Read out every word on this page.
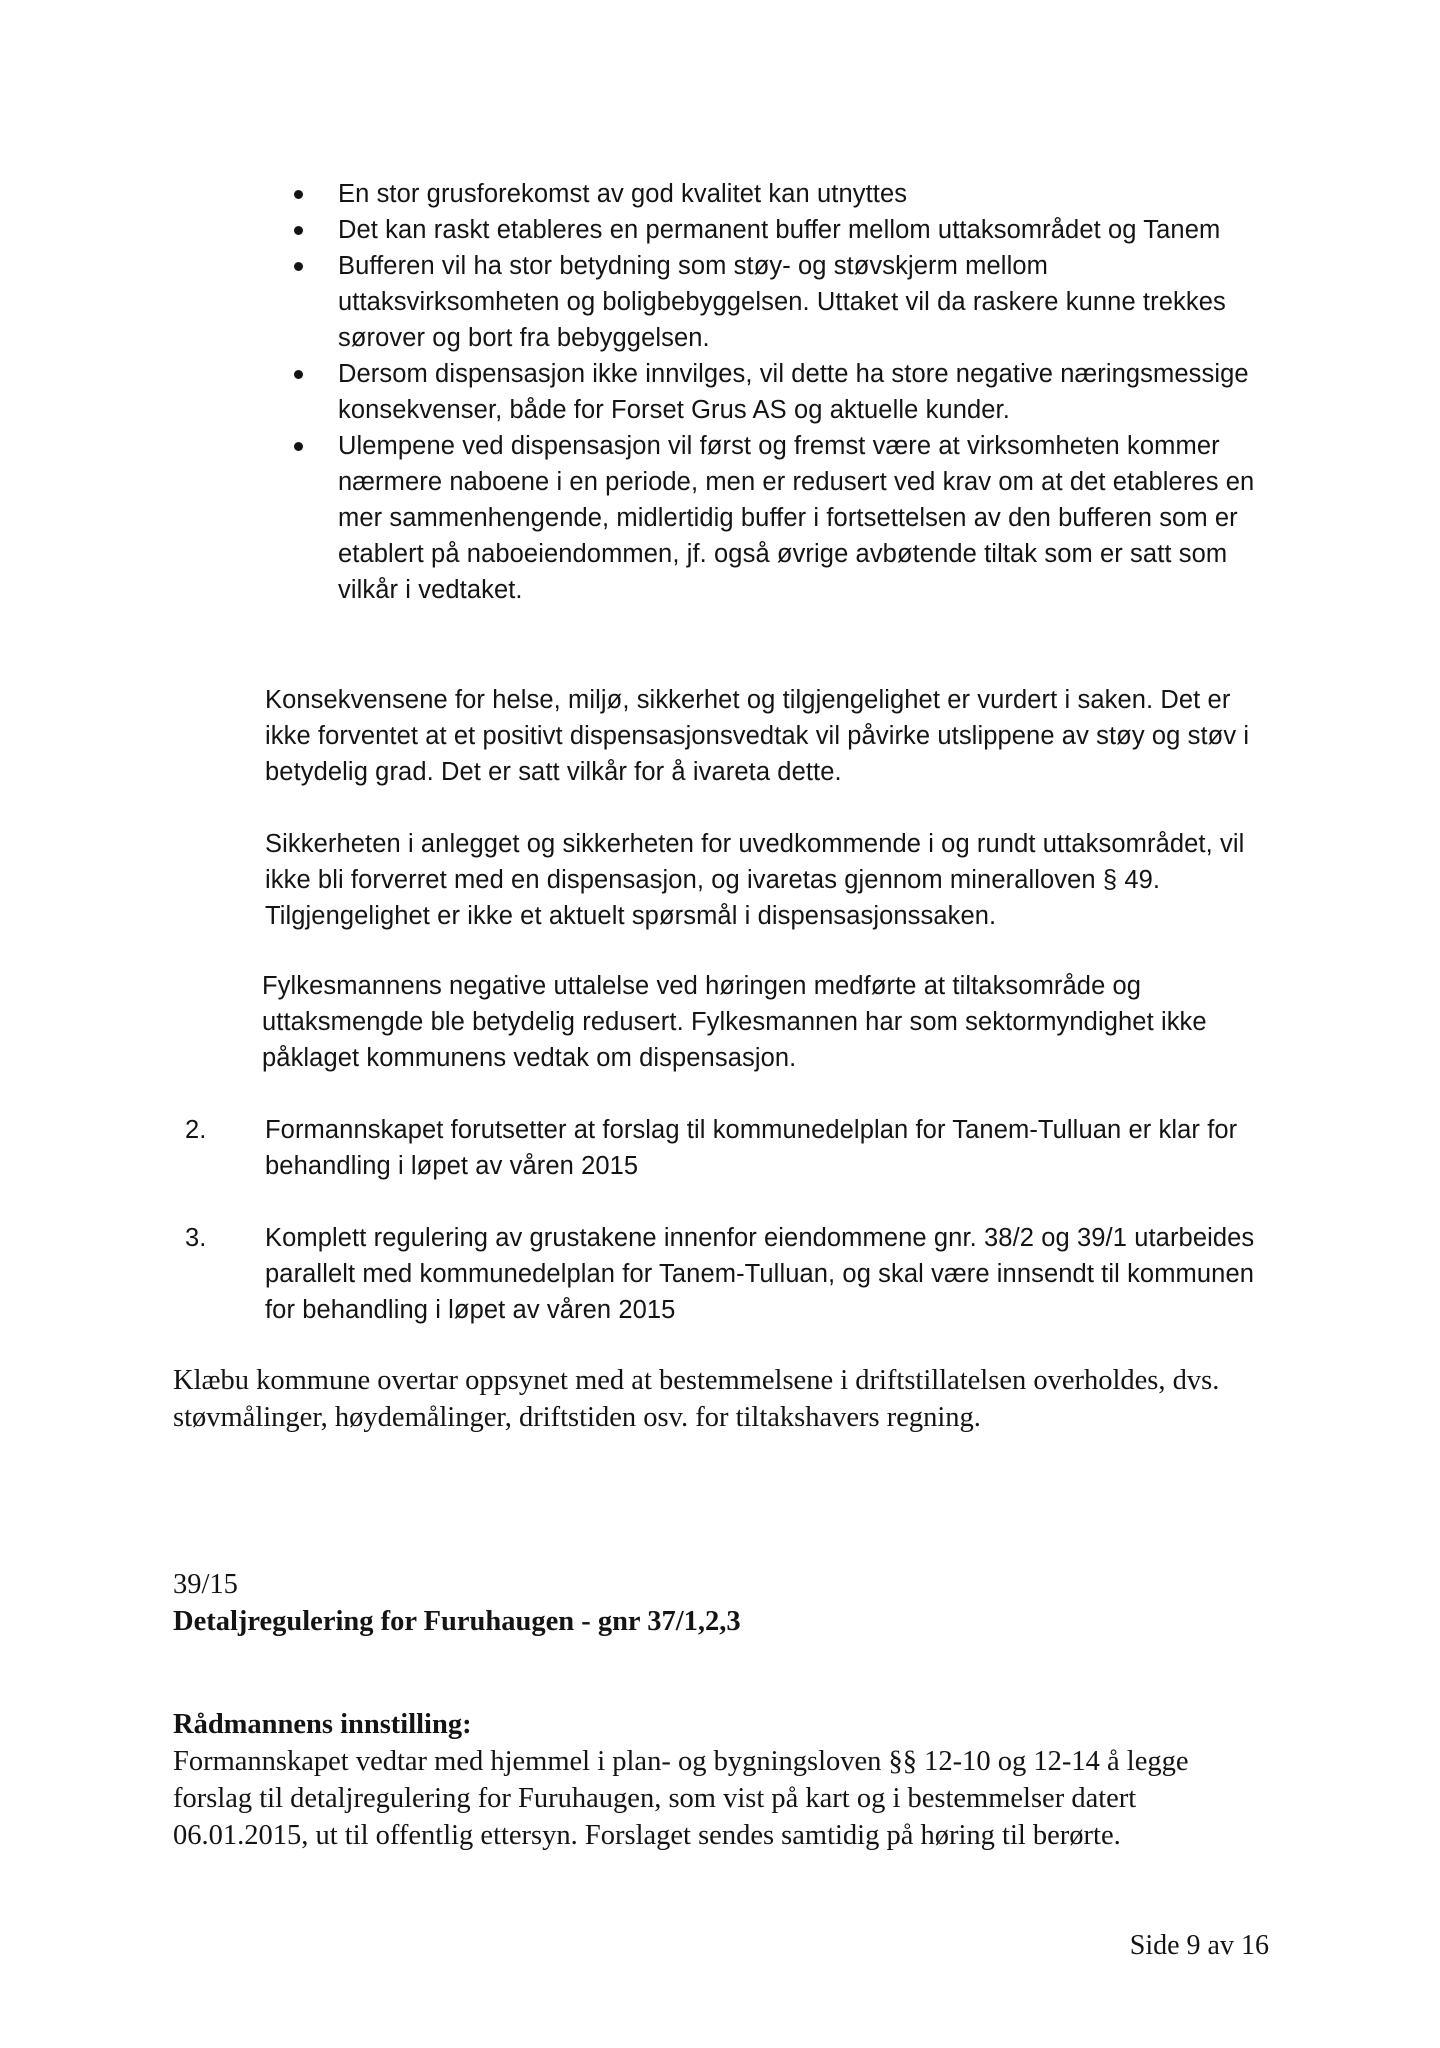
En stor grusforekomst av god kvalitet kan utnyttes
Det kan raskt etableres en permanent buffer mellom uttaksområdet og Tanem
Bufferen vil ha stor betydning som støy- og støvskjerm mellom uttaksvirksomheten og boligbebyggelsen. Uttaket vil da raskere kunne trekkes sørover og bort fra bebyggelsen.
Dersom dispensasjon ikke innvilges, vil dette ha store negative næringsmessige konsekvenser, både for Forset Grus AS og aktuelle kunder.
Ulempene ved dispensasjon vil først og fremst være at virksomheten kommer nærmere naboene i en periode, men er redusert ved krav om at det etableres en mer sammenhengende, midlertidig buffer i fortsettelsen av den bufferen som er etablert på naboeiendommen, jf. også øvrige avbøtende tiltak som er satt som vilkår i vedtaket.

Konsekvensene for helse, miljø, sikkerhet og tilgjengelighet er vurdert i saken. Det er ikke forventet at et positivt dispensasjonsvedtak vil påvirke utslippene av støy og støv i betydelig grad. Det er satt vilkår for å ivareta dette.

Sikkerheten i anlegget og sikkerheten for uvedkommende i og rundt uttaksområdet, vil ikke bli forverret med en dispensasjon, og ivaretas gjennom mineralloven § 49. Tilgjengelighet er ikke et aktuelt spørsmål i dispensasjonssaken.

Fylkesmannens negative uttalelse ved høringen medførte at tiltaksområde og uttaksmengde ble betydelig redusert. Fylkesmannen har som sektormyndighet ikke påklaget kommunens vedtak om dispensasjon.

2. Formannskapet forutsetter at forslag til kommunedelplan for Tanem-Tulluan er klar for behandling i løpet av våren 2015

3. Komplett regulering av grustakene innenfor eiendommene gnr. 38/2 og 39/1 utarbeides parallelt med kommunedelplan for Tanem-Tulluan, og skal være innsendt til kommunen for behandling i løpet av våren 2015

Klæbu kommune overtar oppsynet med at bestemmelsene i driftstillatelsen overholdes, dvs. støvmålinger, høydemålinger, driftstiden osv. for tiltakshavers regning.

39/15

Detaljregulering for Furuhaugen - gnr 37/1,2,3

Rådmannens innstilling:

Formannskapet vedtar med hjemmel i plan- og bygningsloven §§ 12-10 og 12-14 å legge forslag til detaljregulering for Furuhaugen, som vist på kart og i bestemmelser datert 06.01.2015, ut til offentlig ettersyn. Forslaget sendes samtidig på høring til berørte.

Side 9 av 16
